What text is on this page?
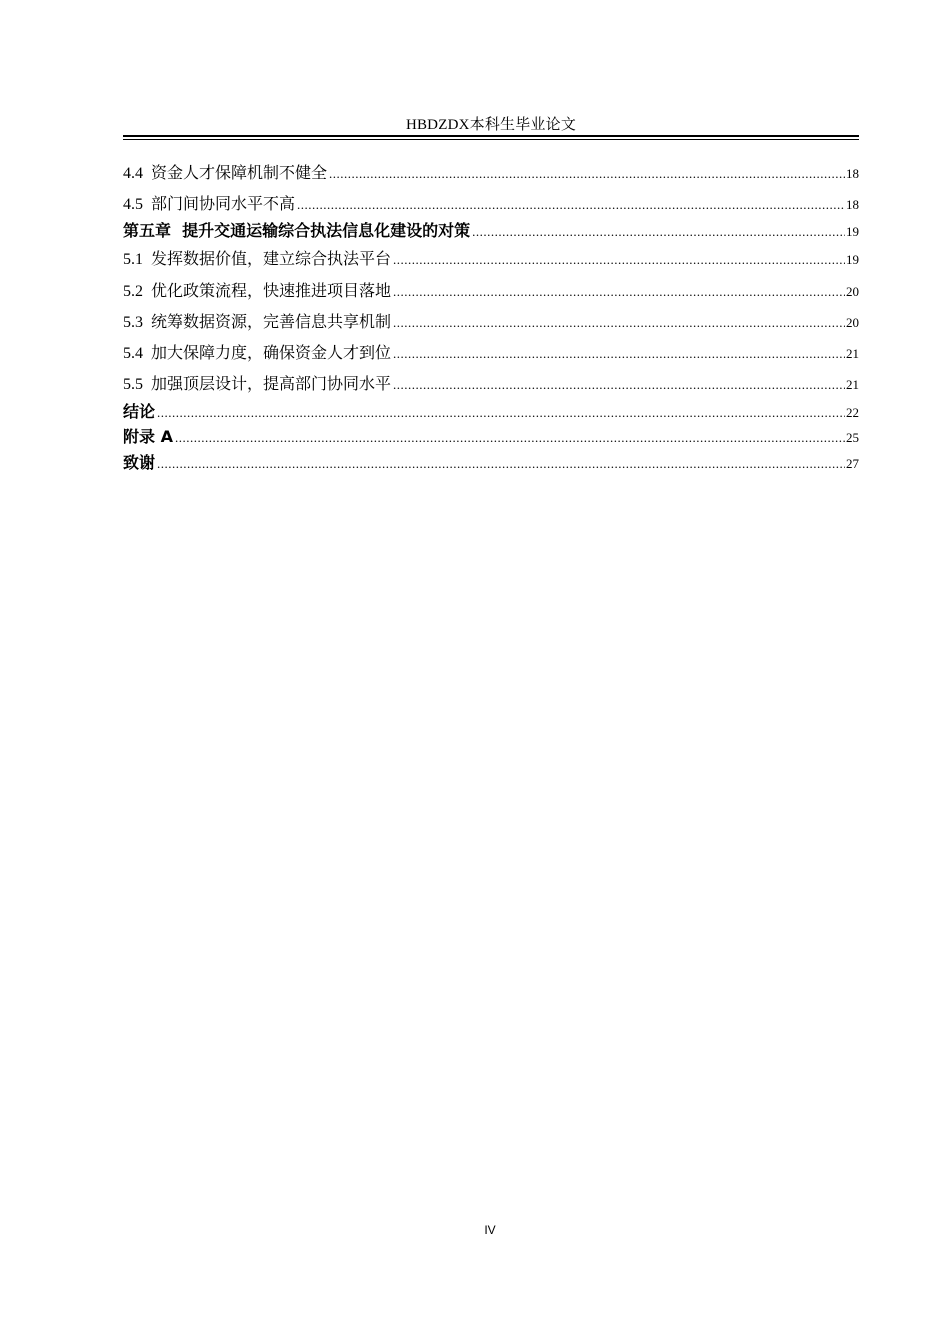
HBDZDX本科生毕业论文
4.4 资金人才保障机制不健全 .....	18
4.5 部门间协同水平不高 .....	18
第五章  提升交通运输综合执法信息化建设的对策 .....	19
5.1 发挥数据价值，建立综合执法平台 .....	19
5.2 优化政策流程，快速推进项目落地 .....	20
5.3 统筹数据资源，完善信息共享机制 .....	20
5.4 加大保障力度，确保资金人才到位 .....	21
5.5 加强顶层设计，提高部门协同水平 .....	21
结论 .....	22
附录 A .....	25
致谢 .....	27
IV
